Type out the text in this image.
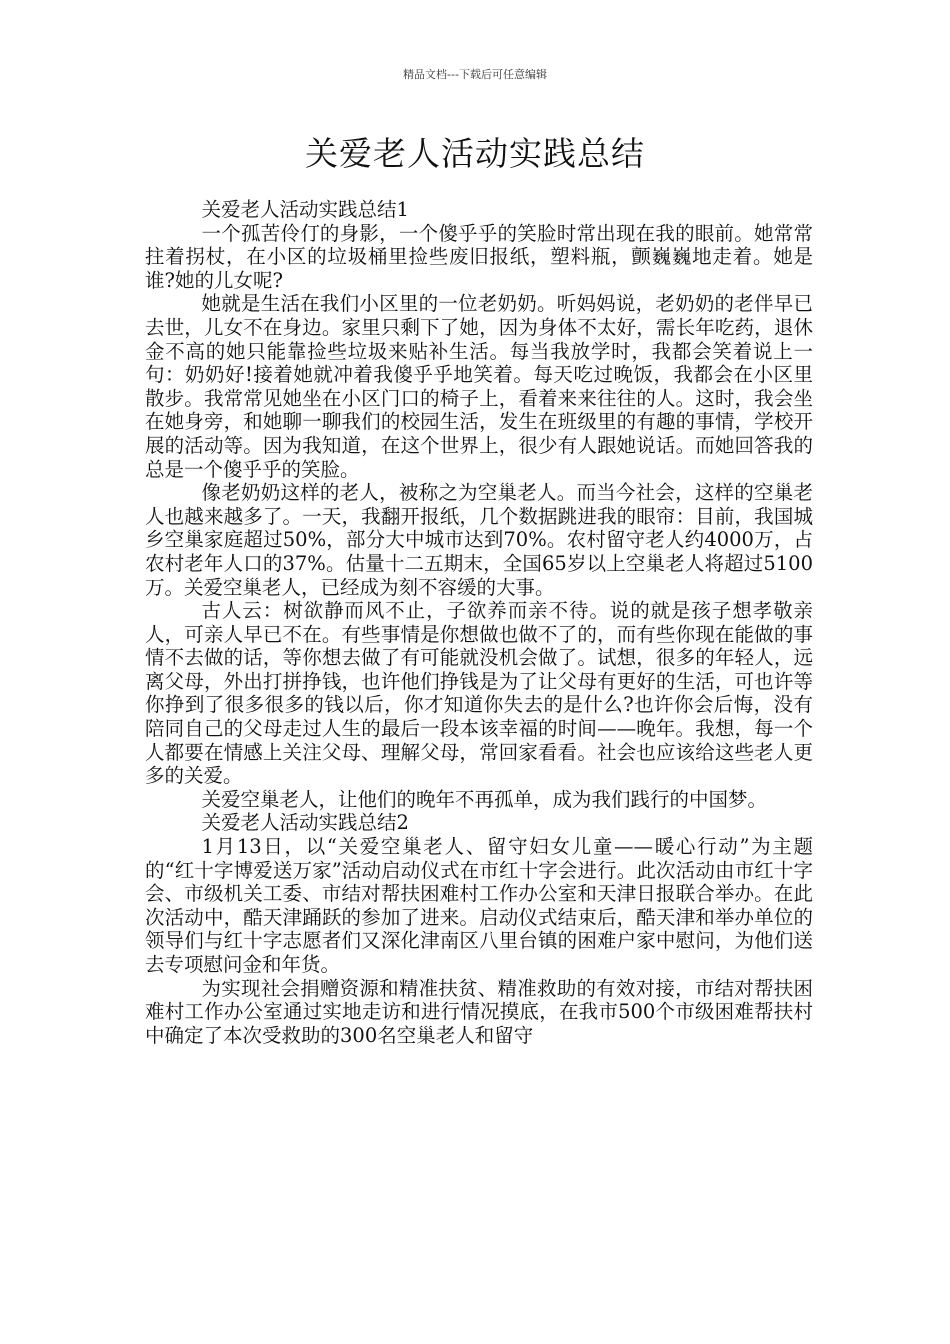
精品文档---下载后可任意编辑
关爱老人活动实践总结

关爱老人活动实践总结1

一个孤苦伶仃的身影，一个傻乎乎的笑脸时常出现在我的眼前。她常常拄着拐杖，在小区的垃圾桶里捡些废旧报纸，塑料瓶，颤巍巍地走着。她是谁?她的儿女呢?

她就是生活在我们小区里的一位老奶奶。听妈妈说，老奶奶的老伴早已去世，儿女不在身边。家里只剩下了她，因为身体不太好，需长年吃药，退休金不高的她只能靠捡些垃圾来贴补生活。每当我放学时，我都会笑着说上一句：奶奶好!接着她就冲着我傻乎乎地笑着。每天吃过晚饭，我都会在小区里散步。我常常见她坐在小区门口的椅子上，看着来来往往的人。这时，我会坐在她身旁，和她聊一聊我们的校园生活，发生在班级里的有趣的事情，学校开展的活动等。因为我知道，在这个世界上，很少有人跟她说话。而她回答我的总是一个傻乎乎的笑脸。

像老奶奶这样的老人，被称之为空巢老人。而当今社会，这样的空巢老人也越来越多了。一天，我翻开报纸，几个数据跳进我的眼帘：目前，我国城乡空巢家庭超过50%，部分大中城市达到70%。农村留守老人约4000万，占农村老年人口的37%。估量十二五期末，全国65岁以上空巢老人将超过5100万。关爱空巢老人，已经成为刻不容缓的大事。

古人云：树欲静而风不止，子欲养而亲不待。说的就是孩子想孝敬亲人，可亲人早已不在。有些事情是你想做也做不了的，而有些你现在能做的事情不去做的话，等你想去做了有可能就没机会做了。试想，很多的年轻人，远离父母，外出打拼挣钱，也许他们挣钱是为了让父母有更好的生活，可也许等你挣到了很多很多的钱以后，你才知道你失去的是什么?也许你会后悔，没有陪同自己的父母走过人生的最后一段本该幸福的时间——晚年。我想，每一个人都要在情感上关注父母、理解父母，常回家看看。社会也应该给这些老人更多的关爱。

关爱空巢老人，让他们的晚年不再孤单，成为我们践行的中国梦。

关爱老人活动实践总结2

1月13日，以“关爱空巢老人、留守妇女儿童——暖心行动”为主题的“红十字博爱送万家”活动启动仪式在市红十字会进行。此次活动由市红十字会、市级机关工委、市结对帮扶困难村工作办公室和天津日报联合举办。在此次活动中，酷天津踊跃的参加了进来。启动仪式结束后，酷天津和举办单位的领导们与红十字志愿者们又深化津南区八里台镇的困难户家中慰问，为他们送去专项慰问金和年货。

为实现社会捐赠资源和精准扶贫、精准救助的有效对接，市结对帮扶困难村工作办公室通过实地走访和进行情况摸底，在我市500个市级困难帮扶村中确定了本次受救助的300名空巢老人和留守
